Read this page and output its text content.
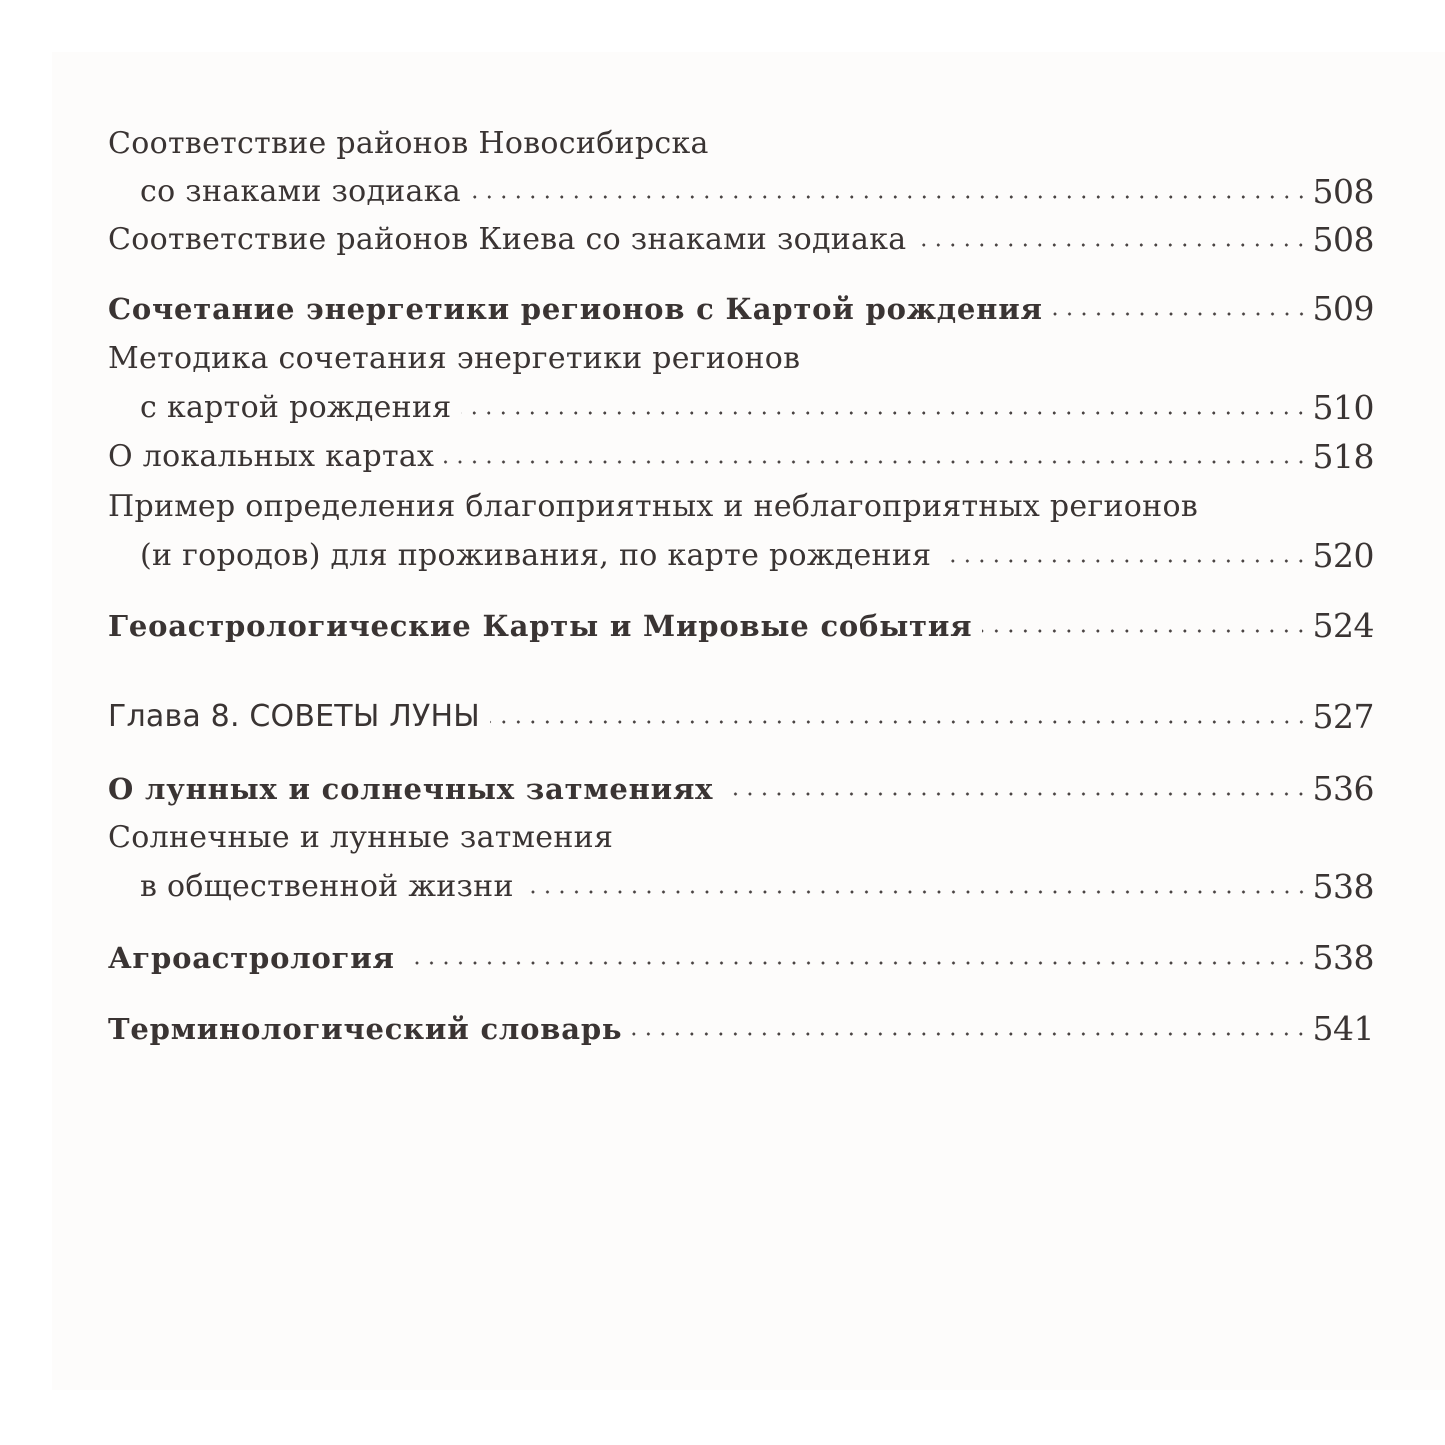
Соответствие районов Новосибирска
со знаками зодиака	508
Соответствие районов Киева со знаками зодиака	508
Сочетание энергетики регионов с Картой рождения	509
Методика сочетания энергетики регионов
с картой рождения	510
О локальных картах	518
Пример определения благоприятных и неблагоприятных регионов
(и городов) для проживания, по карте рождения	520
Геоастрологические Карты и Мировые события	524
Глава 8. СОВЕТЫ ЛУНЫ	527
О лунных и солнечных затмениях	536
Солнечные и лунные затмения
в общественной жизни	538
Агроастрология	538
Терминологический словарь	541
